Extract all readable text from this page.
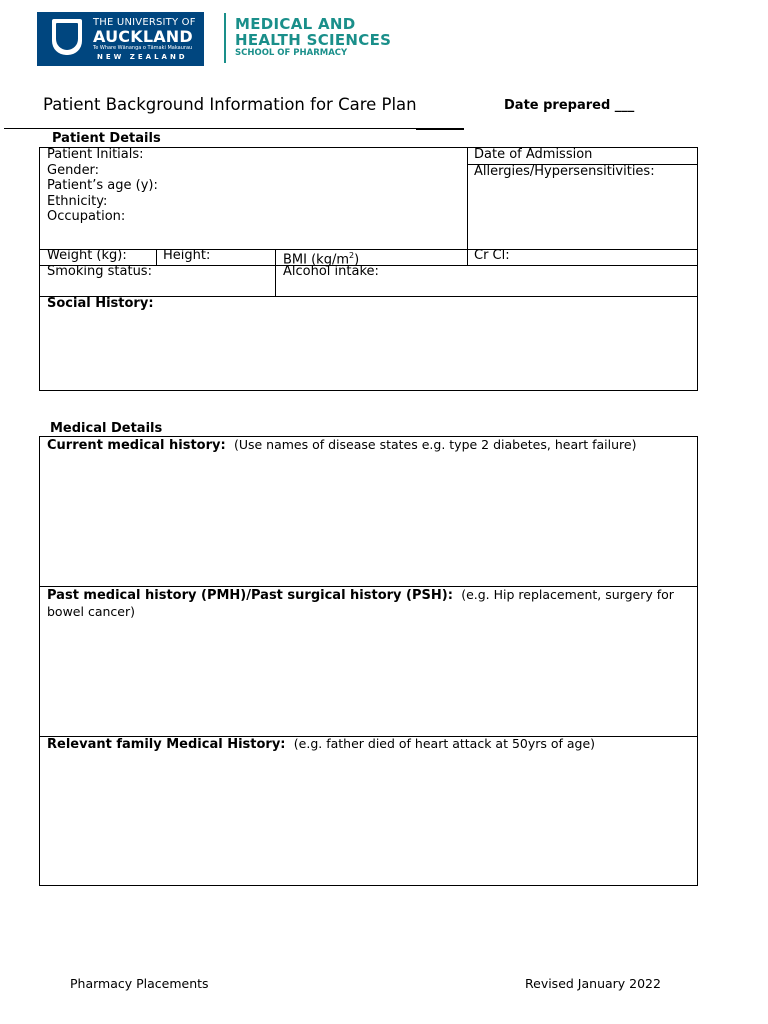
THE UNIVERSITY OF
AUCKLAND
Te Whare Wānanga o Tāmaki Makaurau
NEW ZEALAND
MEDICAL AND
HEALTH SCIENCES
SCHOOL OF PHARMACY
Patient Background Information for Care Plan	Date prepared ___
Patient Details
Patient Initials:
Gender:
Patient’s age (y):
Ethnicity:
Occupation:
Date of Admission
Allergies/Hypersensitivities:
Weight (kg):	Height:	BMI $(kg/m^2)$	Cr Cl:
Smoking status:	Alcohol intake:
Social History:
Medical Details
Current medical history: (Use names of disease states e.g. type 2 diabetes, heart failure)
Past medical history (PMH)/Past surgical history (PSH): (e.g. Hip replacement, surgery for bowel cancer)
Relevant family Medical History: (e.g. father died of heart attack at 50yrs of age)
Pharmacy Placements	Revised January 2022
